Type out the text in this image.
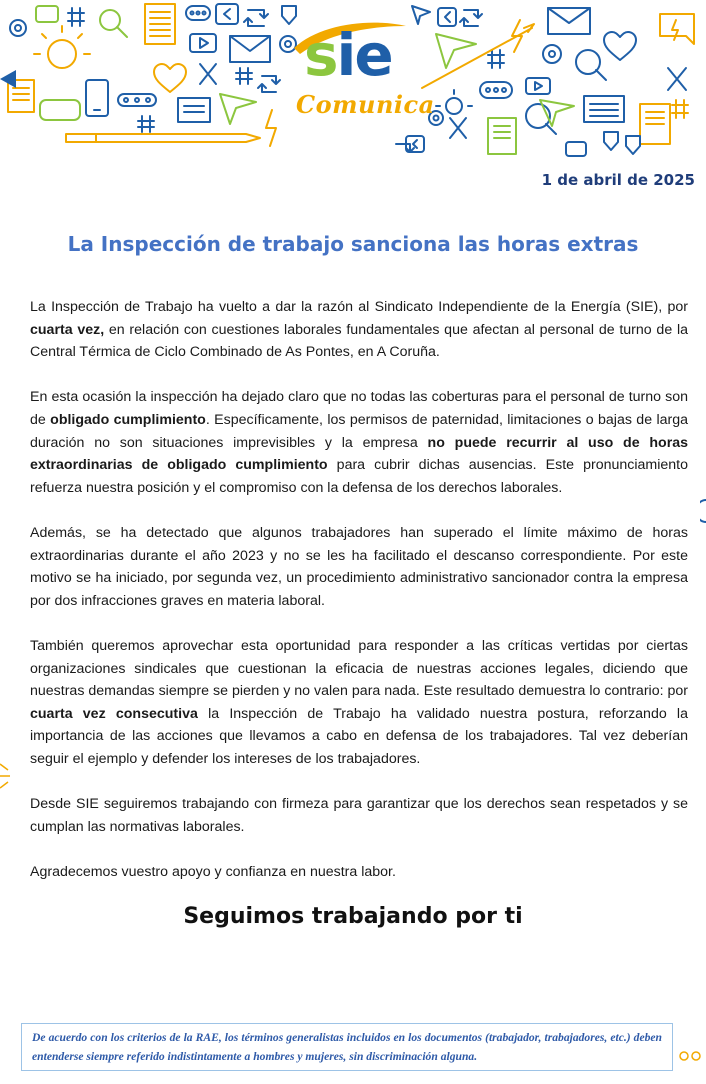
sie
Comunica
1 de abril de 2025
La Inspección de trabajo sanciona las horas extras

La Inspección de Trabajo ha vuelto a dar la razón al Sindicato Independiente de la Energía (SIE), por cuarta vez, en relación con cuestiones laborales fundamentales que afectan al personal de turno de la Central Térmica de Ciclo Combinado de As Pontes, en A Coruña.

En esta ocasión la inspección ha dejado claro que no todas las coberturas para el personal de turno son de obligado cumplimiento. Específicamente, los permisos de paternidad, limitaciones o bajas de larga duración no son situaciones imprevisibles y la empresa no puede recurrir al uso de horas extraordinarias de obligado cumplimiento para cubrir dichas ausencias. Este pronunciamiento refuerza nuestra posición y el compromiso con la defensa de los derechos laborales.

Además, se ha detectado que algunos trabajadores han superado el límite máximo de horas extraordinarias durante el año 2023 y no se les ha facilitado el descanso correspondiente. Por este motivo se ha iniciado, por segunda vez, un procedimiento administrativo sancionador contra la empresa por dos infracciones graves en materia laboral.

También queremos aprovechar esta oportunidad para responder a las críticas vertidas por ciertas organizaciones sindicales que cuestionan la eficacia de nuestras acciones legales, diciendo que nuestras demandas siempre se pierden y no valen para nada. Este resultado demuestra lo contrario: por cuarta vez consecutiva la Inspección de Trabajo ha validado nuestra postura, reforzando la importancia de las acciones que llevamos a cabo en defensa de los trabajadores. Tal vez deberían seguir el ejemplo y defender los intereses de los trabajadores.

Desde SIE seguiremos trabajando con firmeza para garantizar que los derechos sean respetados y se cumplan las normativas laborales.

Agradecemos vuestro apoyo y confianza en nuestra labor.

Seguimos trabajando por ti
De acuerdo con los criterios de la RAE, los términos generalistas incluidos en los documentos (trabajador, trabajadores, etc.) deben entenderse siempre referido indistintamente a hombres y mujeres, sin discriminación alguna.
